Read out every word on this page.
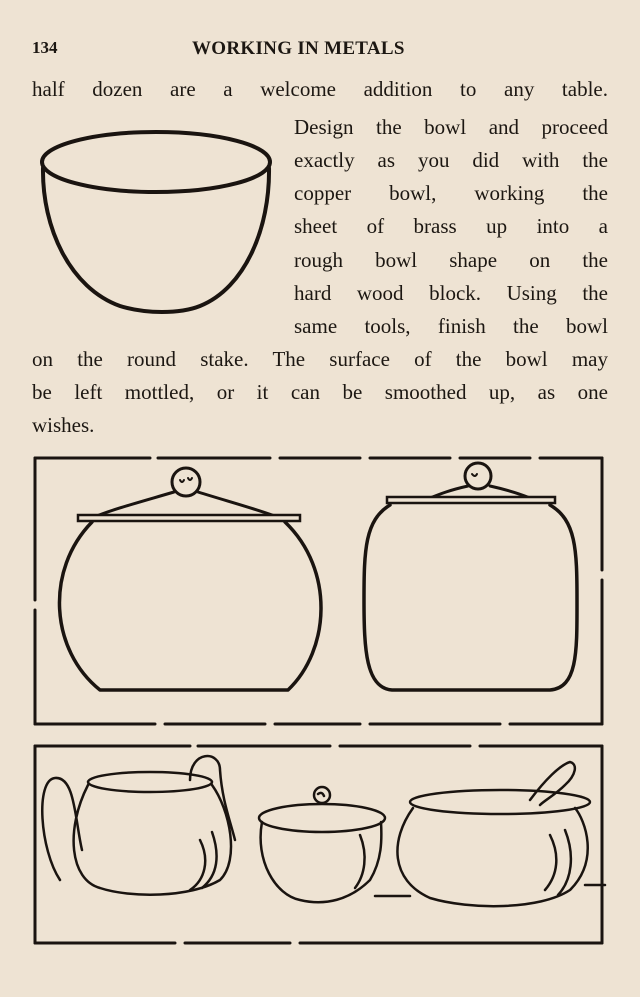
134	WORKING IN METALS
half dozen are a welcome addition to any table.
Design the bowl and proceed
exactly as you did with the
copper bowl, working the
sheet of brass up into a
rough bowl shape on the
hard wood block. Using the
same tools, finish the bowl
on the round stake. The surface of the bowl may
be left mottled, or it can be smoothed up, as one
wishes.
